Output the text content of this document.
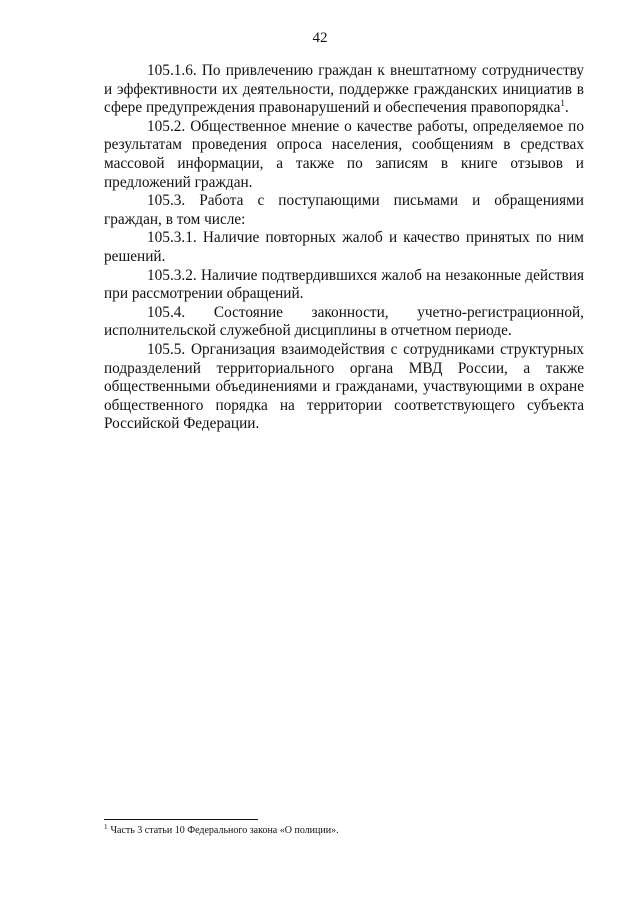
42

105.1.6. По привлечению граждан к внештатному сотрудничеству и эффективности их деятельности, поддержке гражданских инициатив в сфере предупреждения правонарушений и обеспечения правопорядка$^1$.

105.2. Общественное мнение о качестве работы, определяемое по результатам проведения опроса населения, сообщениям в средствах массовой информации, а также по записям в книге отзывов и предложений граждан.

105.3. Работа с поступающими письмами и обращениями граждан, в том числе:

105.3.1. Наличие повторных жалоб и качество принятых по ним решений.

105.3.2. Наличие подтвердившихся жалоб на незаконные действия при рассмотрении обращений.

105.4. Состояние законности, учетно-регистрационной, исполнительской служебной дисциплины в отчетном периоде.

105.5. Организация взаимодействия с сотрудниками структурных подразделений территориального органа МВД России, а также общественными объединениями и гражданами, участвующими в охране общественного порядка на территории соответствующего субъекта Российской Федерации.

$^1$ Часть 3 статьи 10 Федерального закона «О полиции».
